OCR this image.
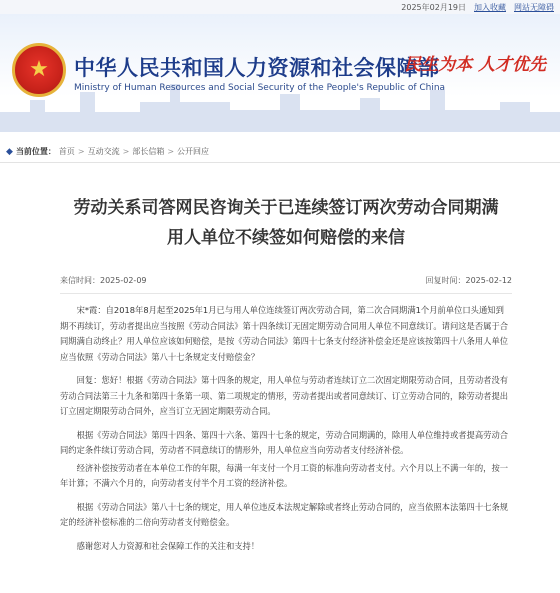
2025年02月19日 加入收藏 网站无障碍
★ 中华人民共和国人力资源和社会保障部
Ministry of Human Resources and Social Security of the People's Republic of China
民生为本 人才优先
◆ 当前位置： 首页 > 互动交流 > 部长信箱 > 公开回应
劳动关系司答网民咨询关于已连续签订两次劳动合同期满用人单位不续签如何赔偿的来信
来信时间：2025-02-09	回复时间：2025-02-12

宋*霞：自2018年8月起至2025年1月已与用人单位连续签订两次劳动合同，第二次合同期满1个月前单位口头通知到期不再续订，劳动者提出应当按照《劳动合同法》第十四条续订无固定期劳动合同用人单位不同意续订。请问这是否属于合同期满自动终止？用人单位应该如何赔偿，是按《劳动合同法》第四十七条支付经济补偿金还是应该按第四十八条用人单位应当依照《劳动合同法》第八十七条规定支付赔偿金？

回复：您好！根据《劳动合同法》第十四条的规定，用人单位与劳动者连续订立二次固定期限劳动合同，且劳动者没有劳动合同法第三十九条和第四十条第一项、第二项规定的情形，劳动者提出或者同意续订、订立劳动合同的，除劳动者提出订立固定期限劳动合同外，应当订立无固定期限劳动合同。

根据《劳动合同法》第四十四条、第四十六条、第四十七条的规定，劳动合同期满的，除用人单位维持或者提高劳动合同约定条件续订劳动合同，劳动者不同意续订的情形外，用人单位应当向劳动者支付经济补偿。

经济补偿按劳动者在本单位工作的年限，每满一年支付一个月工资的标准向劳动者支付。六个月以上不满一年的，按一年计算；不满六个月的，向劳动者支付半个月工资的经济补偿。

根据《劳动合同法》第八十七条的规定，用人单位违反本法规定解除或者终止劳动合同的，应当依照本法第四十七条规定的经济补偿标准的二倍向劳动者支付赔偿金。

感谢您对人力资源和社会保障工作的关注和支持！
